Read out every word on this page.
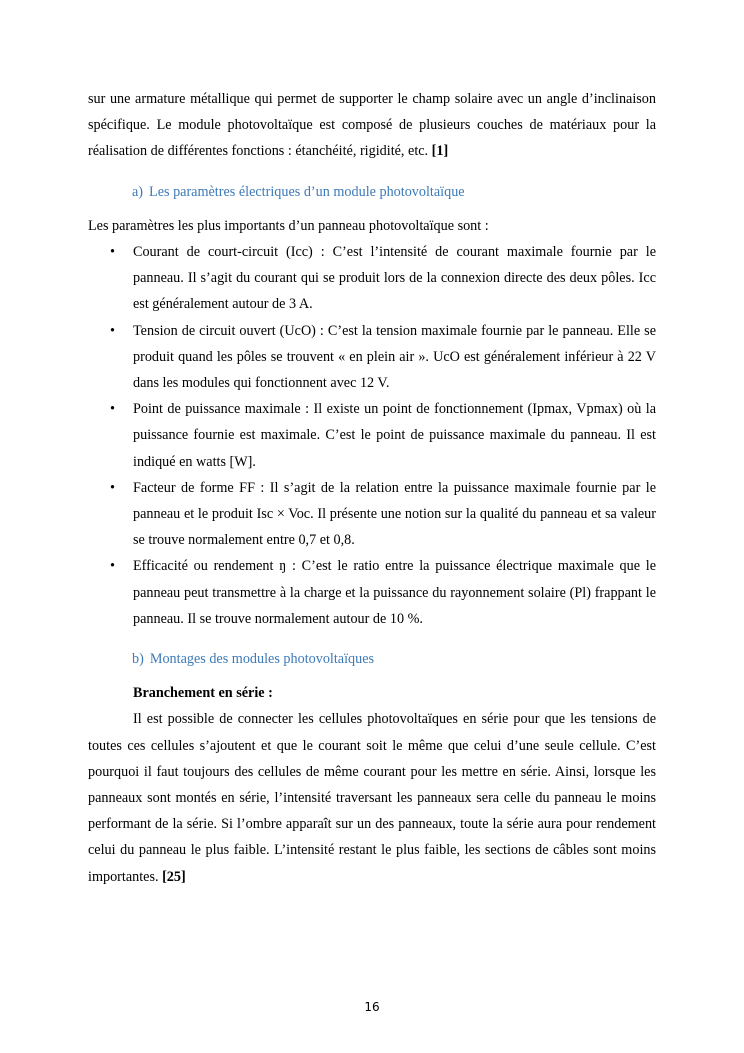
sur une armature métallique qui permet de supporter le champ solaire avec un angle d’inclinaison spécifique. Le module photovoltaïque est composé de plusieurs couches de matériaux pour la réalisation de différentes fonctions : étanchéité, rigidité, etc. [1]

a) Les paramètres électriques d’un module photovoltaïque

Les paramètres les plus importants d’un panneau photovoltaïque sont :

• Courant de court-circuit (Icc) : C’est l’intensité de courant maximale fournie par le panneau. Il s’agit du courant qui se produit lors de la connexion directe des deux pôles. Icc est généralement autour de 3 A.
• Tension de circuit ouvert (UcO) : C’est la tension maximale fournie par le panneau. Elle se produit quand les pôles se trouvent « en plein air ». UcO est généralement inférieur à 22 V dans les modules qui fonctionnent avec 12 V.
• Point de puissance maximale : Il existe un point de fonctionnement (Ipmax, Vpmax) où la puissance fournie est maximale. C’est le point de puissance maximale du panneau. Il est indiqué en watts [W].
• Facteur de forme FF : Il s’agit de la relation entre la puissance maximale fournie par le panneau et le produit Isc × Voc. Il présente une notion sur la qualité du panneau et sa valeur se trouve normalement entre 0,7 et 0,8.
• Efficacité ou rendement ŋ : C’est le ratio entre la puissance électrique maximale que le panneau peut transmettre à la charge et la puissance du rayonnement solaire (Pl) frappant le panneau. Il se trouve normalement autour de 10 %.
b) Montages des modules photovoltaïques
Branchement en série :

Il est possible de connecter les cellules photovoltaïques en série pour que les tensions de toutes ces cellules s’ajoutent et que le courant soit le même que celui d’une seule cellule. C’est pourquoi il faut toujours des cellules de même courant pour les mettre en série. Ainsi, lorsque les panneaux sont montés en série, l’intensité traversant les panneaux sera celle du panneau le moins performant de la série. Si l’ombre apparaît sur un des panneaux, toute la série aura pour rendement celui du panneau le plus faible. L’intensité restant le plus faible, les sections de câbles sont moins importantes. [25]

16
